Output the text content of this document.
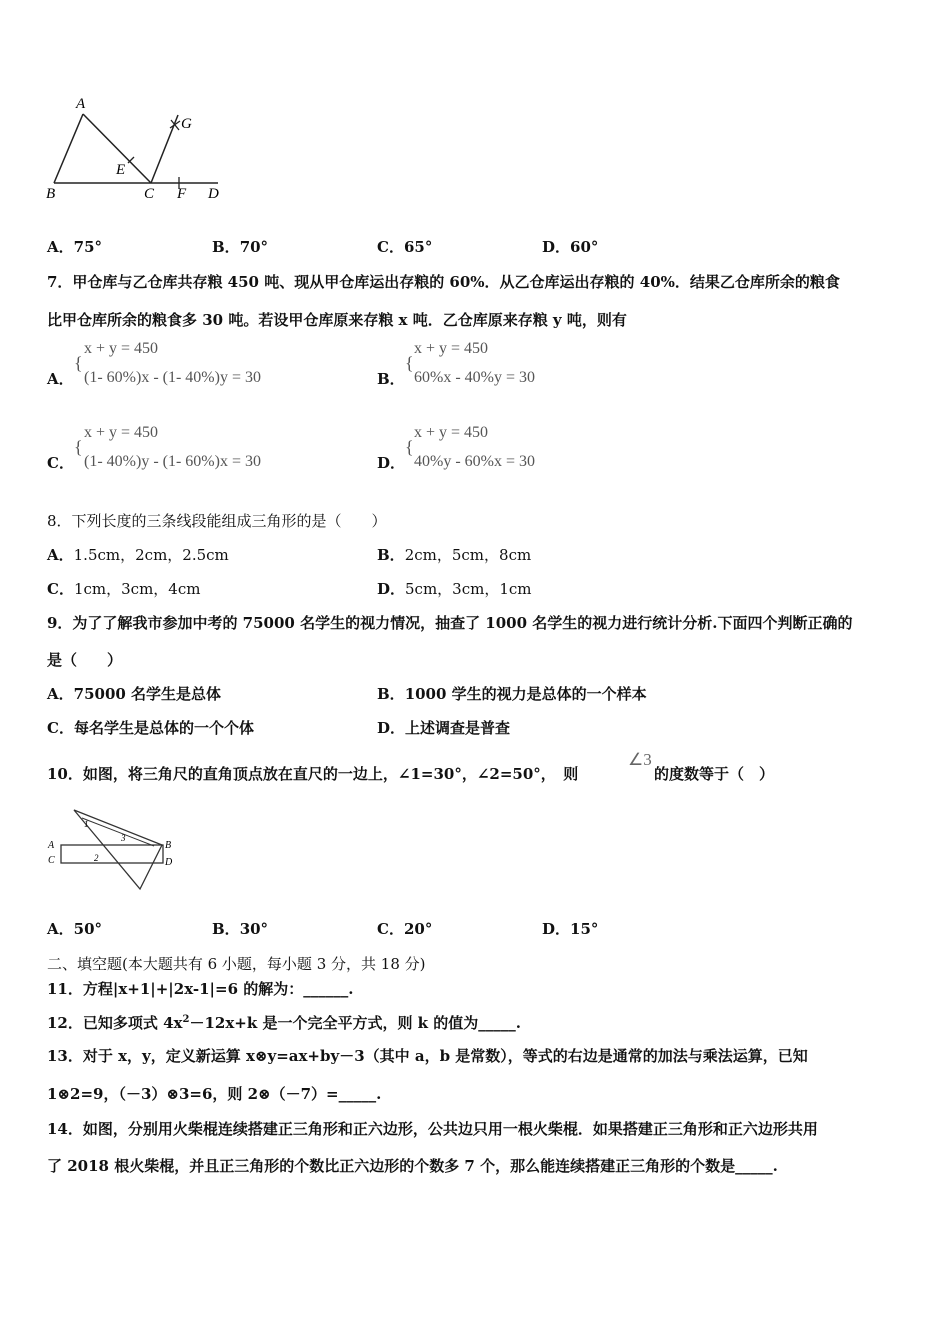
A
B	C	D
E
F
G
A．75°	B．70°	C．65°	D．60°
7．甲仓库与乙仓库共存粮 450 吨、现从甲仓库运出存粮的 60%．从乙仓库运出存粮的 40%．结果乙仓库所余的粮食
比甲仓库所余的粮食多 30 吨。若设甲仓库原来存粮 x 吨．乙仓库原来存粮 y 吨，则有
A．
{
x + y = 450
(1- 60%)x - (1- 40%)y = 30	B．
{
x + y = 450
60%x - 40%y = 30
C．
{
x + y = 450
(1- 40%)y - (1- 60%)x = 30	D．
{
x + y = 450
40%y - 60%x = 30
8．下列长度的三条线段能组成三角形的是（　　）
A．1.5cm，2cm，2.5cm	B．2cm，5cm，8cm
C．1cm，3cm，4cm	D．5cm，3cm，1cm
9．为了了解我市参加中考的 75000 名学生的视力情况，抽查了 1000 名学生的视力进行统计分析.下面四个判断正确的
是（　　）
A．75000 名学生是总体	B．1000 学生的视力是总体的一个样本
C．每名学生是总体的一个个体	D．上述调查是普查
10．如图，将三角尺的直角顶点放在直尺的一边上，∠1=30°，∠2=50°，　则
∠3
的度数等于（　）
A
C
B
D
1
2
3
A．50°	B．30°	C．20°	D．15°
二、填空题(本大题共有 6 小题，每小题 3 分，共 18 分)
11．方程|x+1|+|2x-1|=6 的解为：______.
12．已知多项式 $4x^2-12x+k$ 是一个完全平方式，则 k 的值为_____.
13．对于 x，y，定义新运算 x⊗y=ax+by－3（其中 a，b 是常数），等式的右边是通常的加法与乘法运算，已知
1⊗2=9，（－3）⊗3=6，则 2⊗（－7）=_____.
14．如图，分别用火柴棍连续搭建正三角形和正六边形，公共边只用一根火柴棍．如果搭建正三角形和正六边形共用
了 2018 根火柴棍，并且正三角形的个数比正六边形的个数多 7 个，那么能连续搭建正三角形的个数是_____.
